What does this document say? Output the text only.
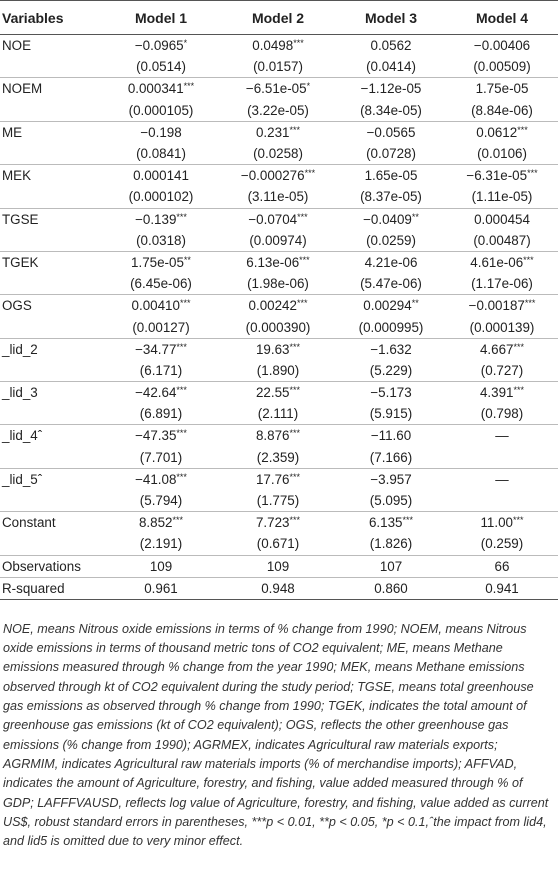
Variables	Model 1	Model 2	Model 3	Model 4
NOE	−0.0965*	0.0498***	0.0562	−0.00406
	(0.0514)	(0.0157)	(0.0414)	(0.00509)
NOEM	0.000341***	−6.51e-05*	−1.12e-05	1.75e-05
	(0.000105)	(3.22e-05)	(8.34e-05)	(8.84e-06)
ME	−0.198	0.231***	−0.0565	0.0612***
	(0.0841)	(0.0258)	(0.0728)	(0.0106)
MEK	0.000141	−0.000276***	1.65e-05	−6.31e-05***
	(0.000102)	(3.11e-05)	(8.37e-05)	(1.11e-05)
TGSE	−0.139***	−0.0704***	−0.0409**	0.000454
	(0.0318)	(0.00974)	(0.0259)	(0.00487)
TGEK	1.75e-05**	6.13e-06***	4.21e-06	4.61e-06***
	(6.45e-06)	(1.98e-06)	(5.47e-06)	(1.17e-06)
OGS	0.00410***	0.00242***	0.00294**	−0.00187***
	(0.00127)	(0.000390)	(0.000995)	(0.000139)
_lid_2	−34.77***	19.63***	−1.632	4.667***
	(6.171)	(1.890)	(5.229)	(0.727)
_lid_3	−42.64***	22.55***	−5.173	4.391***
	(6.891)	(2.111)	(5.915)	(0.798)
_lid_4ˆ	−47.35***	8.876***	−11.60	—
	(7.701)	(2.359)	(7.166)	
_lid_5ˆ	−41.08***	17.76***	−3.957	—
	(5.794)	(1.775)	(5.095)	
Constant	8.852***	7.723***	6.135***	11.00***
	(2.191)	(0.671)	(1.826)	(0.259)
Observations	109	109	107	66
R-squared	0.961	0.948	0.860	0.941

NOE, means Nitrous oxide emissions in terms of % change from 1990; NOEM, means Nitrous oxide emissions in terms of thousand metric tons of CO2 equivalent; ME, means Methane emissions measured through % change from the year 1990; MEK, means Methane emissions observed through kt of CO2 equivalent during the study period; TGSE, means total greenhouse gas emissions as observed through % change from 1990; TGEK, indicates the total amount of greenhouse gas emissions (kt of CO2 equivalent); OGS, reflects the other greenhouse gas emissions (% change from 1990); AGRMEX, indicates Agricultural raw materials exports; AGRMIM, indicates Agricultural raw materials imports (% of merchandise imports); AFFVAD, indicates the amount of Agriculture, forestry, and fishing, value added measured through % of GDP; LAFFFVAUSD, reflects log value of Agriculture, forestry, and fishing, value added as current US$, robust standard errors in parentheses, ***p < 0.01, **p < 0.05, *p < 0.1,ˆthe impact from lid4, and lid5 is omitted due to very minor effect.
